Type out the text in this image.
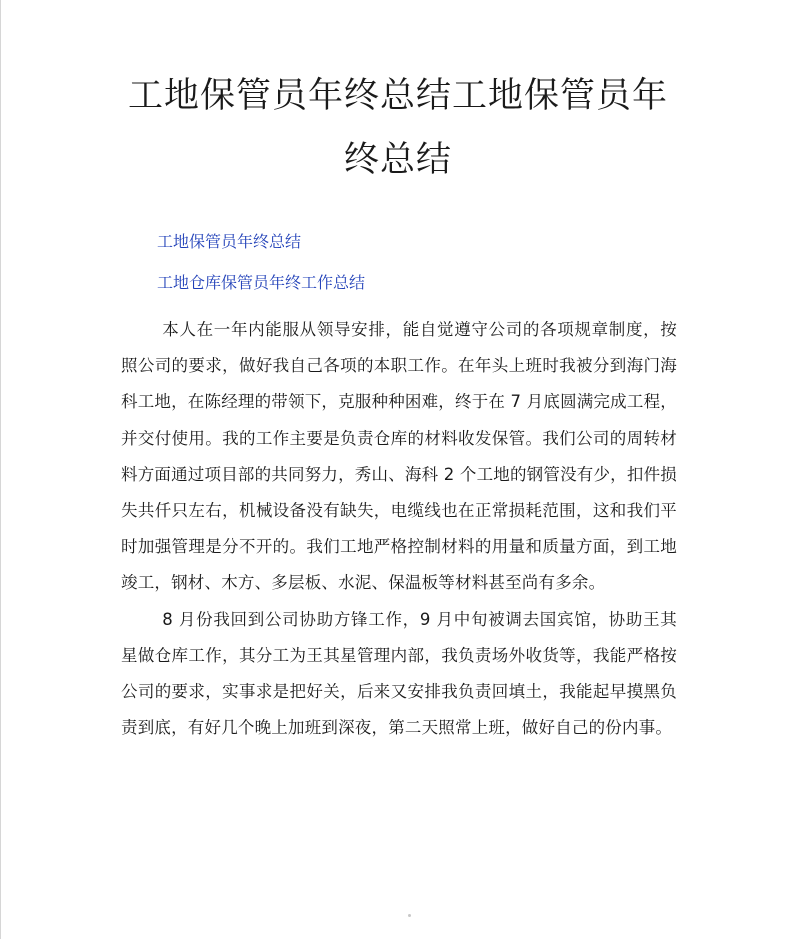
工地保管员年终总结工地保管员年终总结
工地保管员年终总结
工地仓库保管员年终工作总结

本人在一年内能服从领导安排，能自觉遵守公司的各项规章制度，按照公司的要求，做好我自己各项的本职工作。在年头上班时我被分到海门海科工地，在陈经理的带领下，克服种种困难，终于在 7 月底圆满完成工程，并交付使用。我的工作主要是负责仓库的材料收发保管。我们公司的周转材料方面通过项目部的共同努力，秀山、海科 2 个工地的钢管没有少，扣件损失共仟只左右，机械设备没有缺失，电缆线也在正常损耗范围，这和我们平时加强管理是分不开的。我们工地严格控制材料的用量和质量方面，到工地竣工，钢材、木方、多层板、水泥、保温板等材料甚至尚有多余。

8 月份我回到公司协助方锋工作，9 月中旬被调去国宾馆，协助王其星做仓库工作，其分工为王其星管理内部，我负责场外收货等，我能严格按公司的要求，实事求是把好关，后来又安排我负责回填土，我能起早摸黑负责到底，有好几个晚上加班到深夜，第二天照常上班，做好自己的份内事。
